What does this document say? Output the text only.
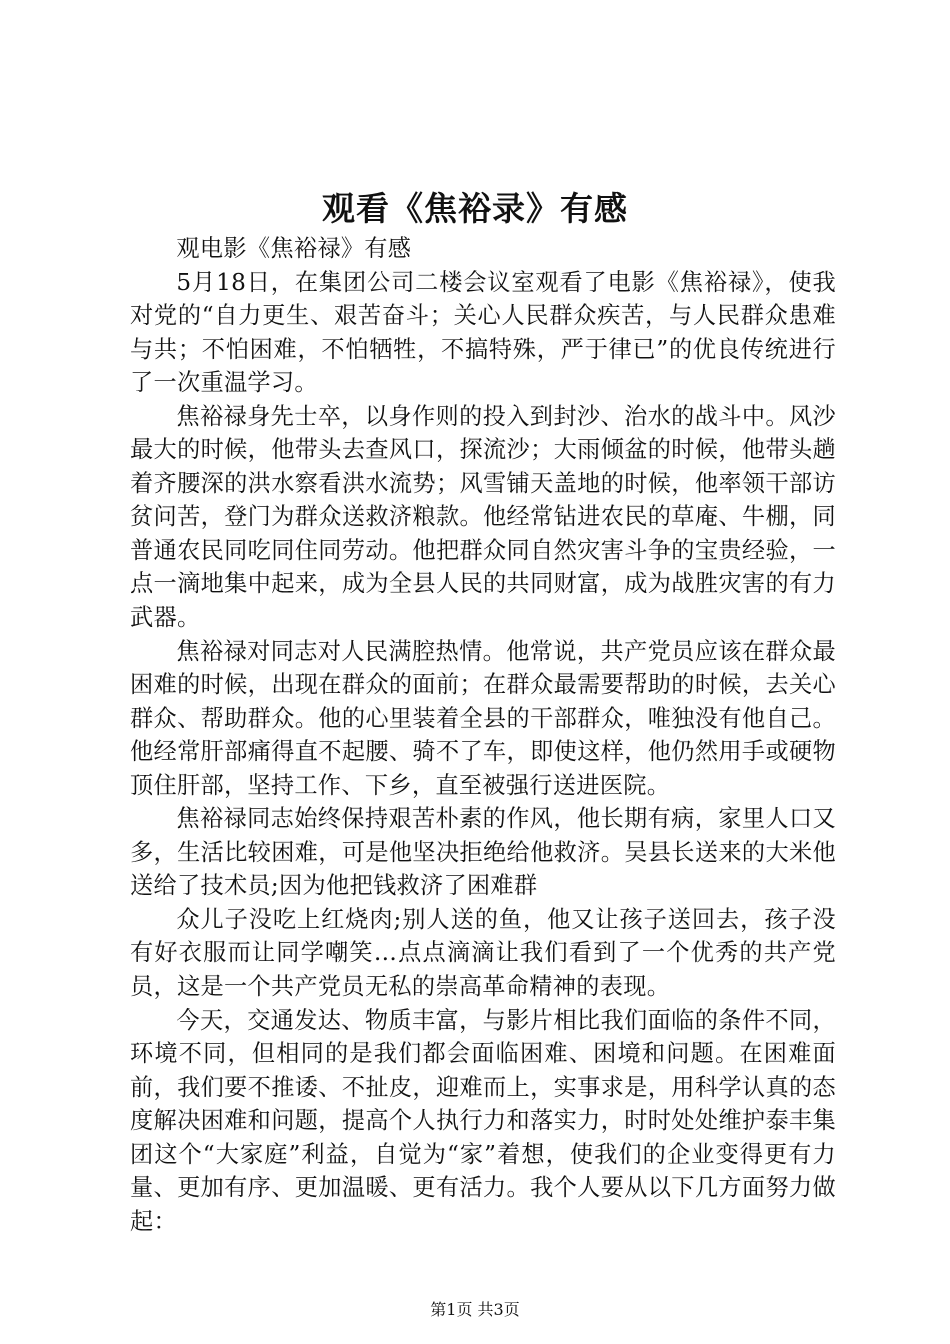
观看《焦裕录》有感

观电影《焦裕禄》有感

5月18日，在集团公司二楼会议室观看了电影《焦裕禄》，使我对党的“自力更生、艰苦奋斗；关心人民群众疾苦，与人民群众患难与共；不怕困难，不怕牺牲，不搞特殊，严于律已”的优良传统进行了一次重温学习。

焦裕禄身先士卒，以身作则的投入到封沙、治水的战斗中。风沙最大的时候，他带头去查风口，探流沙；大雨倾盆的时候，他带头趟着齐腰深的洪水察看洪水流势；风雪铺天盖地的时候，他率领干部访贫问苦，登门为群众送救济粮款。他经常钻进农民的草庵、牛棚，同普通农民同吃同住同劳动。他把群众同自然灾害斗争的宝贵经验，一点一滴地集中起来，成为全县人民的共同财富，成为战胜灾害的有力武器。

焦裕禄对同志对人民满腔热情。他常说，共产党员应该在群众最困难的时候，出现在群众的面前；在群众最需要帮助的时候，去关心群众、帮助群众。他的心里装着全县的干部群众，唯独没有他自己。他经常肝部痛得直不起腰、骑不了车，即使这样，他仍然用手或硬物顶住肝部，坚持工作、下乡，直至被强行送进医院。

焦裕禄同志始终保持艰苦朴素的作风，他长期有病，家里人口又多，生活比较困难，可是他坚决拒绝给他救济。吴县长送来的大米他送给了技术员;因为他把钱救济了困难群

众儿子没吃上红烧肉;别人送的鱼，他又让孩子送回去，孩子没有好衣服而让同学嘲笑…点点滴滴让我们看到了一个优秀的共产党员，这是一个共产党员无私的崇高革命精神的表现。

今天，交通发达、物质丰富，与影片相比我们面临的条件不同，环境不同，但相同的是我们都会面临困难、困境和问题。在困难面前，我们要不推诿、不扯皮，迎难而上，实事求是，用科学认真的态度解决困难和问题，提高个人执行力和落实力，时时处处维护泰丰集团这个“大家庭”利益，自觉为“家”着想，使我们的企业变得更有力量、更加有序、更加温暖、更有活力。我个人要从以下几方面努力做起：

第1页 共3页
